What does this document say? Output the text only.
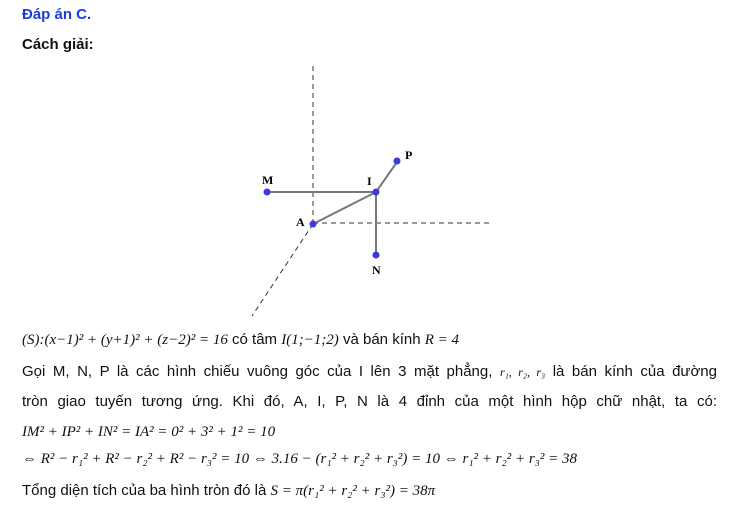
Đáp án C.
Cách giải:
M	I
P
A
N
(S):(x−1)² + (y+1)² + (z−2)² = 16 có tâm I(1;−1;2) và bán kính R = 4
Gọi M, N, P là các hình chiếu vuông góc của I lên 3 mặt phẳng, r₁, r₂, r₃ là bán kính của đường
tròn giao tuyến tương ứng. Khi đó, A, I, P, N là 4 đỉnh của một hình hộp chữ nhật, ta có:
IM² + IP² + IN² = IA² = 0² + 3² + 1² = 10
⇔ R² − r₁² + R² − r₂² + R² − r₃² = 10 ⇔ 3.16 − (r₁² + r₂² + r₃²) = 10 ⇔ r₁² + r₂² + r₃² = 38
Tổng diện tích của ba hình tròn đó là S = π(r₁² + r₂² + r₃²) = 38π
